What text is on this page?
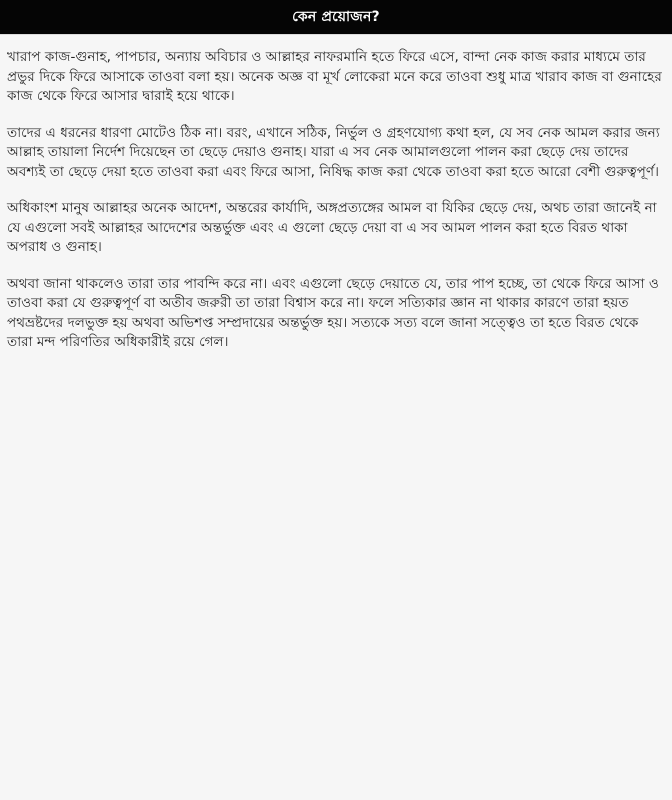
কেন প্রয়োজন?

খারাপ কাজ-গুনাহ, পাপচার, অন্যায় অবিচার ও আল্লাহর নাফরমানি হতে ফিরে এসে, বান্দা নেক কাজ করার মাধ্যমে তার প্রভুর দিকে ফিরে আসাকে তাওবা বলা হয়। অনেক অজ্ঞ বা মূর্খ লোকেরা মনে করে তাওবা শুধু মাত্র খারাব কাজ বা গুনাহের কাজ থেকে ফিরে আসার দ্বারাই হয়ে থাকে।

তাদের এ ধরনের ধারণা মোটেও ঠিক না। বরং, এখানে সঠিক, নির্ভুল ও গ্রহণযোগ্য কথা হল, যে সব নেক আমল করার জন্য আল্লাহ তায়ালা নির্দেশ দিয়েছেন তা ছেড়ে দেয়াও গুনাহ। যারা এ সব নেক আমালগুলো পালন করা ছেড়ে দেয় তাদের অবশ্যই তা ছেড়ে দেয়া হতে তাওবা করা এবং ফিরে আসা, নিষিদ্ধ কাজ করা থেকে তাওবা করা হতে আরো বেশী গুরুত্বপূর্ণ।

অধিকাংশ মানুষ আল্লাহর অনেক আদেশ, অন্তরের কার্যাদি, অঙ্গপ্রত্যঙ্গের আমল বা যিকির ছেড়ে দেয়, অথচ তারা জানেই না যে এগুলো সবই আল্লাহর আদেশের অন্তর্ভুক্ত এবং এ গুলো ছেড়ে দেয়া বা এ সব আমল পালন করা হতে বিরত থাকা অপরাধ ও গুনাহ।

অথবা জানা থাকলেও তারা তার পাবন্দি করে না। এবং এগুলো ছেড়ে দেয়াতে যে, তার পাপ হচ্ছে, তা থেকে ফিরে আসা ও তাওবা করা যে গুরুত্বপূর্ণ বা অতীব জরুরী তা তারা বিশ্বাস করে না। ফলে সত্যিকার জ্ঞান না থাকার কারণে তারা হয়ত পথভ্রষ্টদের দলভুক্ত হয় অথবা অভিশপ্ত সম্প্রদায়ের অন্তর্ভুক্ত হয়। সত্যকে সত্য বলে জানা সত্ত্বেও তা হতে বিরত থেকে তারা মন্দ পরিণতির অধিকারীই রয়ে গেল।
